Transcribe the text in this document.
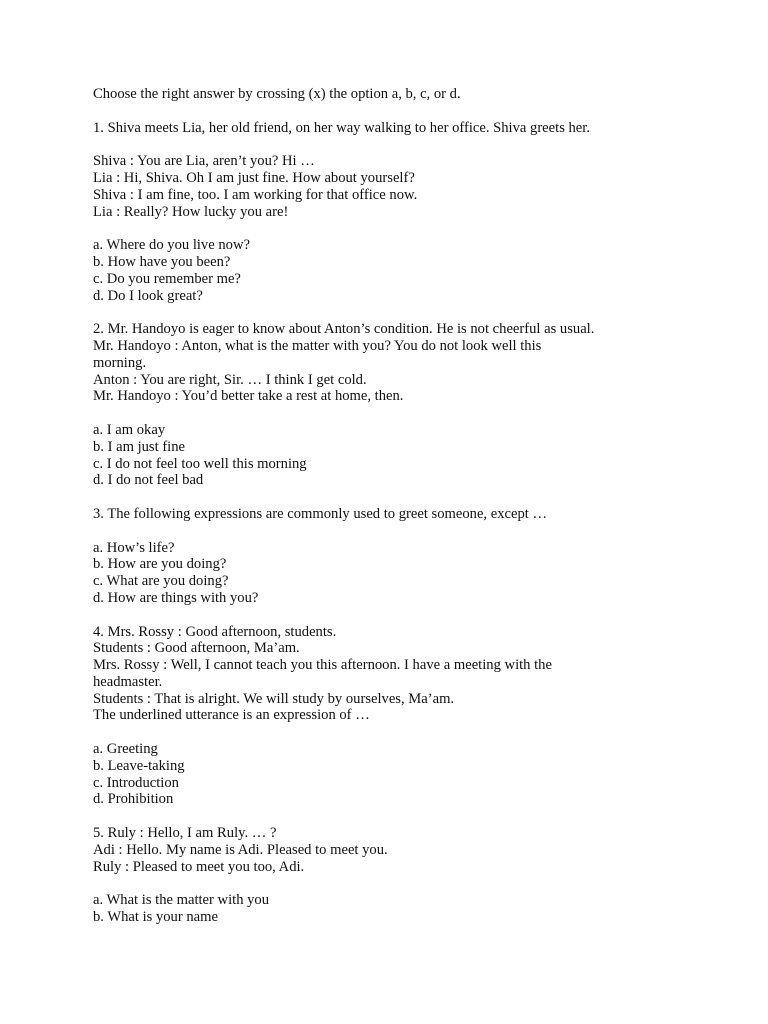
Choose the right answer by crossing (x) the option a, b, c, or d.
1. Shiva meets Lia, her old friend, on her way walking to her office. Shiva greets her.
Shiva : You are Lia, aren’t you? Hi …
Lia : Hi, Shiva. Oh I am just fine. How about yourself?
Shiva : I am fine, too. I am working for that office now.
Lia : Really? How lucky you are!
a. Where do you live now?
b. How have you been?
c. Do you remember me?
d. Do I look great?
2. Mr. Handoyo is eager to know about Anton’s condition. He is not cheerful as usual.
Mr. Handoyo : Anton, what is the matter with you? You do not look well this morning.
Anton : You are right, Sir. … I think I get cold.
Mr. Handoyo : You’d better take a rest at home, then.
a. I am okay
b. I am just fine
c. I do not feel too well this morning
d. I do not feel bad
3. The following expressions are commonly used to greet someone, except …
a. How’s life?
b. How are you doing?
c. What are you doing?
d. How are things with you?
4. Mrs. Rossy : Good afternoon, students.
Students : Good afternoon, Ma’am.
Mrs. Rossy : Well, I cannot teach you this afternoon. I have a meeting with the headmaster.
Students : That is alright. We will study by ourselves, Ma’am.
The underlined utterance is an expression of …
a. Greeting
b. Leave-taking
c. Introduction
d. Prohibition
5. Ruly : Hello, I am Ruly. … ?
Adi : Hello. My name is Adi. Pleased to meet you.
Ruly : Pleased to meet you too, Adi.
a. What is the matter with you
b. What is your name
